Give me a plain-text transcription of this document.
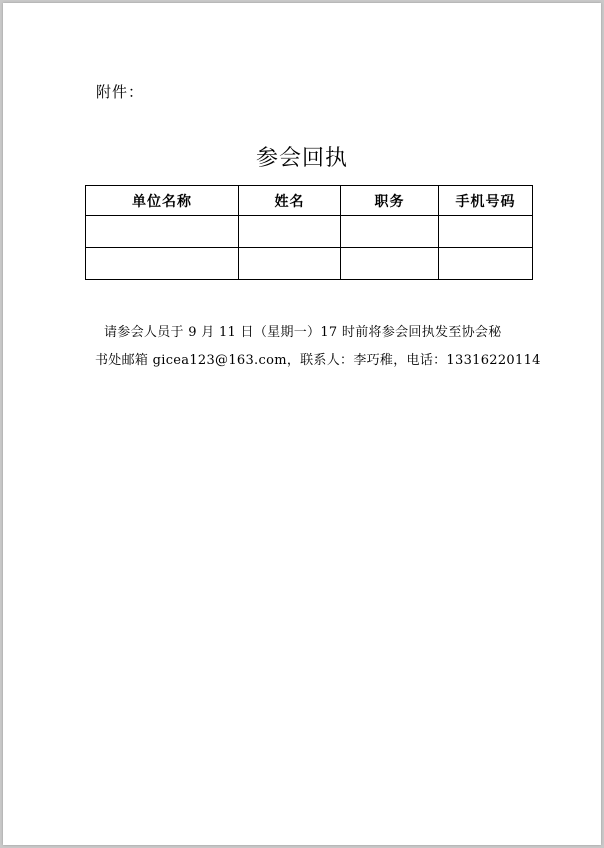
附件：
参会回执
单位名称	姓名	职务	手机号码

请参会人员于 9 月 11 日（星期一）17 时前将参会回执发至协会秘
书处邮箱 gicea123@163.com，联系人：李巧稚，电话：13316220114
